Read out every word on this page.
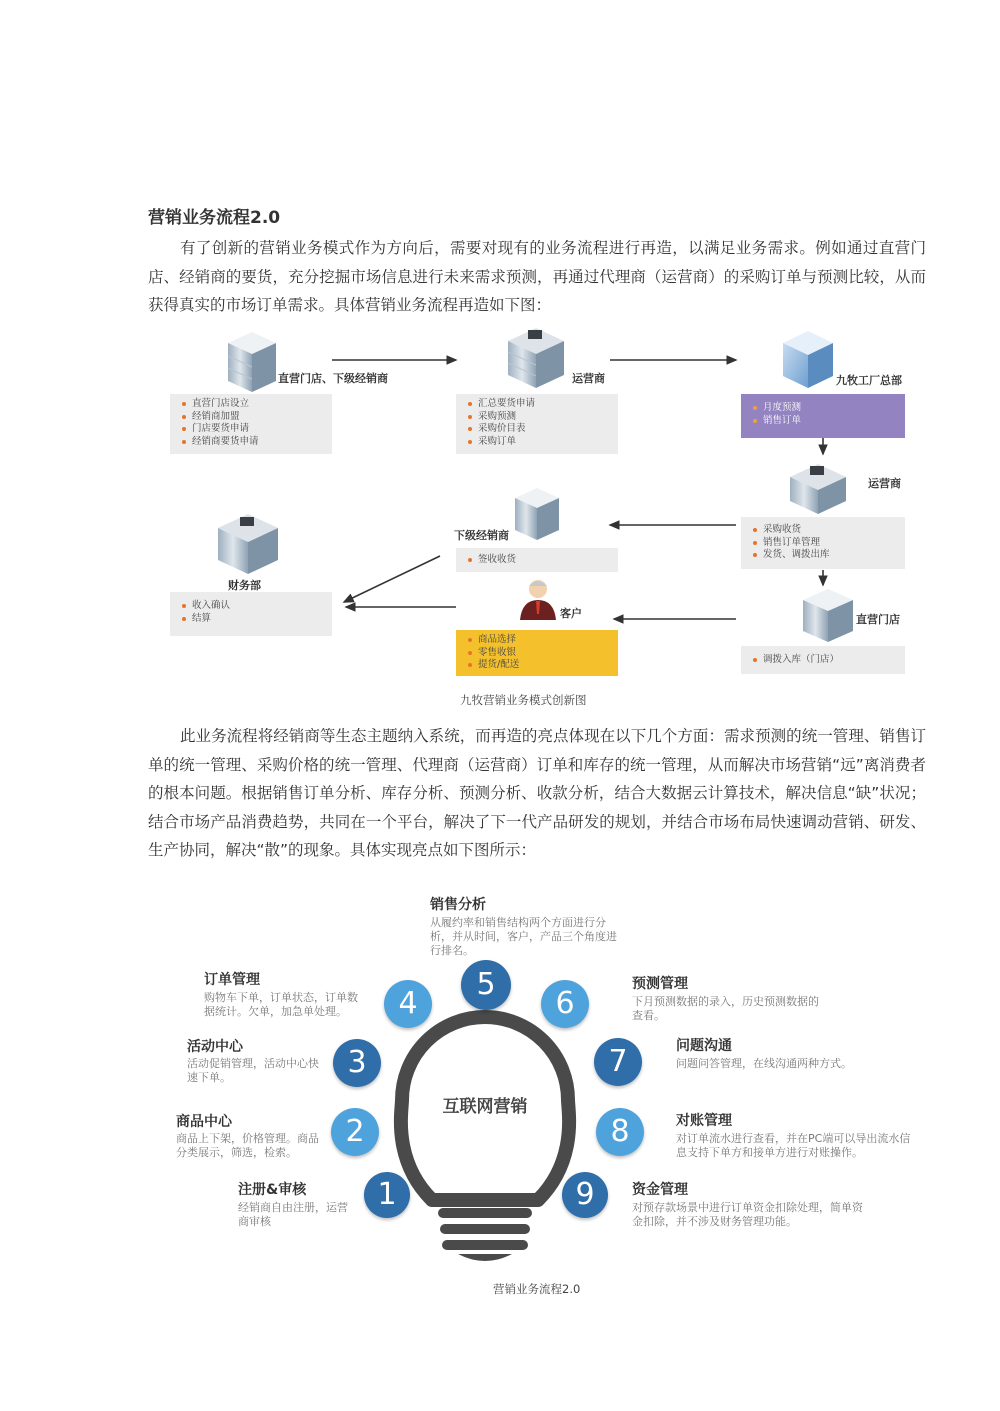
营销业务流程2.0
有了创新的营销业务模式作为方向后，需要对现有的业务流程进行再造，以满足业务需求。例如通过直营门店、经销商的要货，充分挖掘市场信息进行未来需求预测，再通过代理商（运营商）的采购订单与预测比较，从而获得真实的市场订单需求。具体营销业务流程再造如下图：
直营门店、下级经销商	运营商	九牧工厂总部
运营商
下级经销商
财务部
客户	直营门店
直营门店设立
经销商加盟
门店要货申请
经销商要货申请
汇总要货申请
采购预测
采购价目表
采购订单
月度预测
销售订单
采购收货
销售订单管理
发货、调拨出库
签收收货
收入确认
结算
商品选择
零售收银
提货/配送	调拨入库（门店）
九牧营销业务模式创新图
此业务流程将经销商等生态主题纳入系统，而再造的亮点体现在以下几个方面：需求预测的统一管理、销售订单的统一管理、采购价格的统一管理、代理商（运营商）订单和库存的统一管理，从而解决市场营销“远”离消费者的根本问题。根据销售订单分析、库存分析、预测分析、收款分析，结合大数据云计算技术，解决信息“缺”状况；结合市场产品消费趋势，共同在一个平台，解决了下一代产品研发的规划，并结合市场布局快速调动营销、研发、生产协同，解决“散”的现象。具体实现亮点如下图所示：
互联网营销
1
2
3
4
5
6
7
8
9
注册&审核
经销商自由注册，运营商审核
商品中心
商品上下架，价格管理。商品分类展示，筛选，检索。
活动中心
活动促销管理，活动中心快速下单。
订单管理
购物车下单，订单状态，订单数据统计。欠单，加急单处理。
销售分析
从履约率和销售结构两个方面进行分析，并从时间，客户，产品三个角度进行排名。
预测管理
下月预测数据的录入，历史预测数据的查看。
问题沟通
问题问答管理，在线沟通两种方式。
对账管理
对订单流水进行查看，并在PC端可以导出流水信息支持下单方和接单方进行对账操作。
资金管理
对预存款场景中进行订单资金扣除处理，简单资金扣除，并不涉及财务管理功能。
营销业务流程2.0
